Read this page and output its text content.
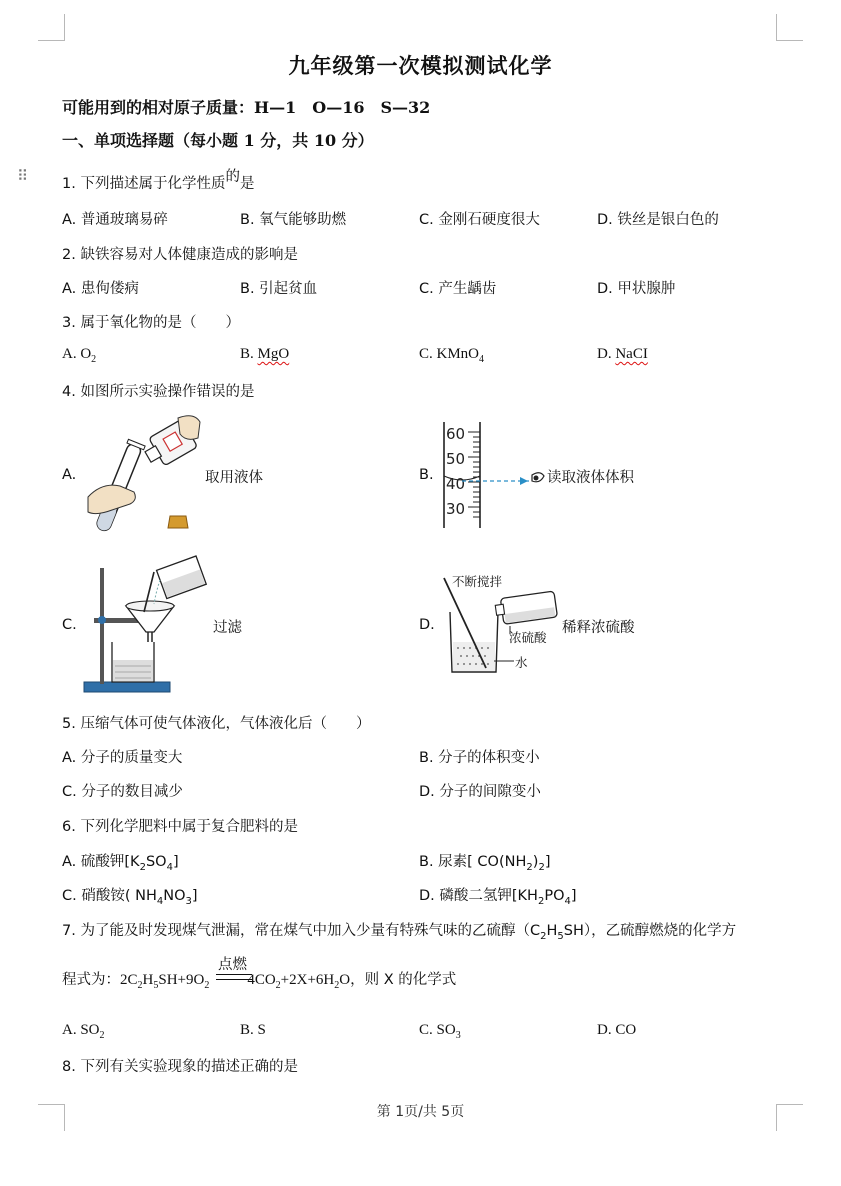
⠿
九年级第一次模拟测试化学
可能用到的相对原子质量：H—1　O—16　S—32
一、单项选择题（每小题 1 分，共 10 分）
1. 下列描述属于化学性质的是
A. 普通玻璃易碎	B. 氧气能够助燃	C. 金刚石硬度很大	D. 铁丝是银白色的
2. 缺铁容易对人体健康造成的影响是
A. 患佝偻病	B. 引起贫血	C. 产生龋齿	D. 甲状腺肿
3. 属于氧化物的是（　　）
A. $O_2$	B. MgO	C. KMnO$_4$	D. NaCI
4. 如图所示实验操作错误的是
A.	取用液体	B.
60
50
40
30
读取液体体积
C.	过滤	D.
不断搅拌
浓硫酸
水
稀释浓硫酸
5. 压缩气体可使气体液化，气体液化后（　　）
A. 分子的质量变大	B. 分子的体积变小
C. 分子的数目减少	D. 分子的间隙变小
6. 下列化学肥料中属于复合肥料的是
A. 硫酸钾$[K_2SO_4]$	B. 尿素[ $CO(NH_2)_2$]
C. 硝酸铵( $NH_4NO_3$]	D. 磷酸二氢钾$[KH_2PO_4]$
7. 为了能及时发现煤气泄漏，常在煤气中加入少量有特殊气味的乙硫醇$(C_2H_5SH)$，乙硫醇燃烧的化学方
点燃
程式为：$2C_2H_5SH+9O_2$	$4CO_2+2X+6H_2O$，则 X 的化学式
A. $SO_2$	B. S	C. $SO_3$	D. CO
8. 下列有关实验现象的描述正确的是
第 1页/共 5页
